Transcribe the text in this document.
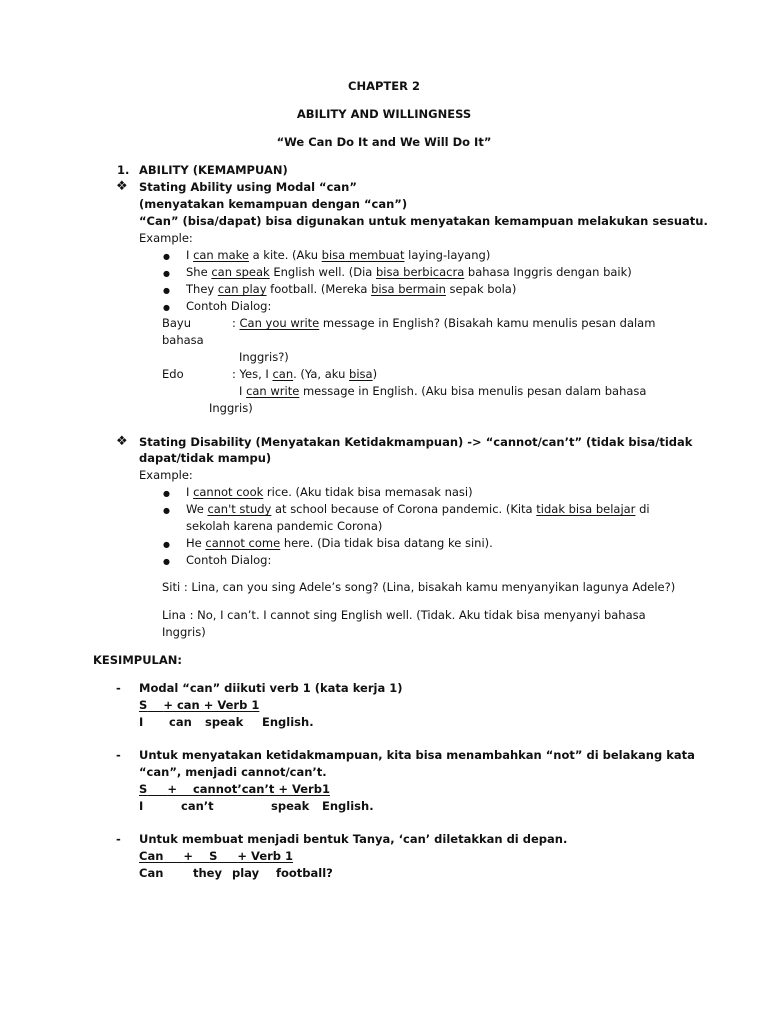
CHAPTER 2
ABILITY AND WILLINGNESS
“We Can Do It and We Will Do It”
1. ABILITY (KEMAMPUAN)
❖ Stating Ability using Modal “can”
(menyatakan kemampuan dengan “can”)
“Can” (bisa/dapat) bisa digunakan untuk menyatakan kemampuan melakukan sesuatu.
Example:
● I can make a kite. (Aku bisa membuat laying-layang)
● She can speak English well. (Dia bisa berbicacra bahasa Inggris dengan baik)
● They can play football. (Mereka bisa bermain sepak bola)
● Contoh Dialog:
Bayu	: Can you write message in English? (Bisakah kamu menulis pesan dalam
bahasa
Inggris?)
Edo	: Yes, I can. (Ya, aku bisa)
I can write message in English. (Aku bisa menulis pesan dalam bahasa
Inggris)
❖ Stating Disability (Menyatakan Ketidakmampuan) -> “cannot/can’t” (tidak bisa/tidak
dapat/tidak mampu)
Example:
● I cannot cook rice. (Aku tidak bisa memasak nasi)
● We can't study at school because of Corona pandemic. (Kita tidak bisa belajar di
sekolah karena pandemic Corona)
● He cannot come here. (Dia tidak bisa datang ke sini).
● Contoh Dialog:
Siti : Lina, can you sing Adele’s song? (Lina, bisakah kamu menyanyikan lagunya Adele?)
Lina : No, I can’t. I cannot sing English well. (Tidak. Aku tidak bisa menyanyi bahasa
Inggris)
KESIMPULAN:
- Modal “can” diikuti verb 1 (kata kerja 1)
S + can + Verb 1
I can speak English.
- Untuk menyatakan ketidakmampuan, kita bisa menambahkan “not” di belakang kata
“can”, menjadi cannot/can’t.
S + cannot’can’t + Verb1
I	can’t	speak English.
- Untuk membuat menjadi bentuk Tanya, ‘can’ diletakkan di depan.
Can + S + Verb 1
Can	they play football?
